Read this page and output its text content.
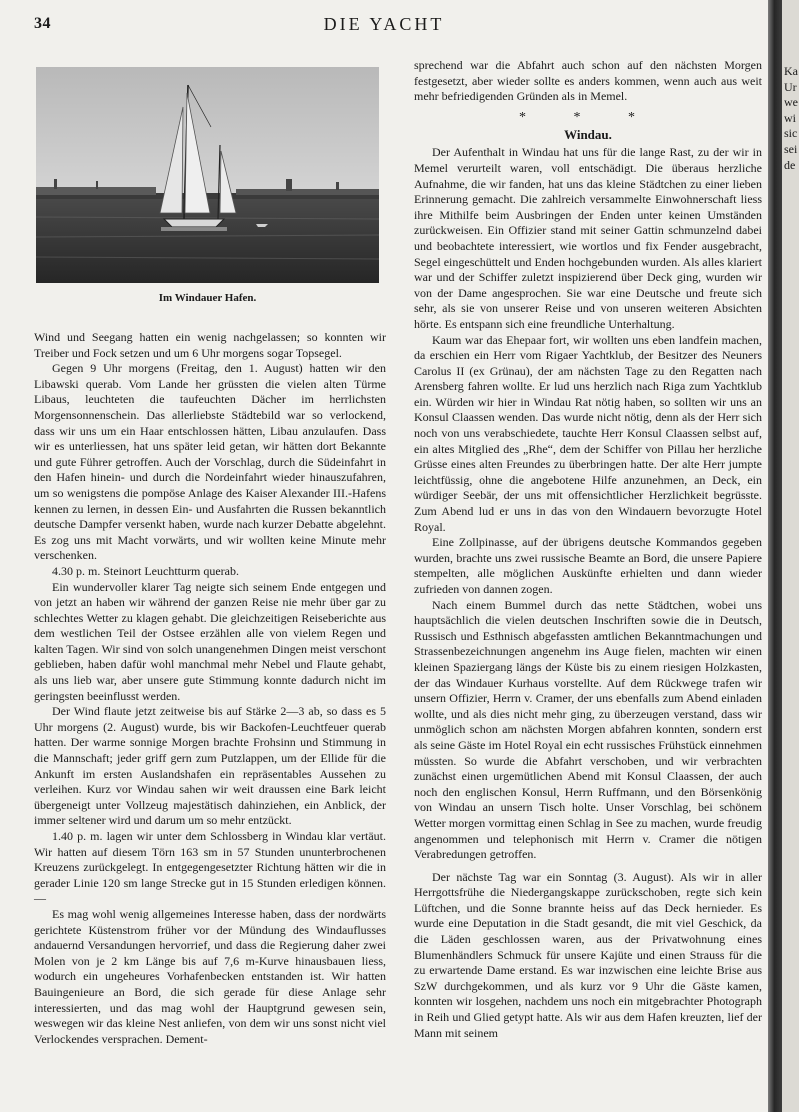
34	DIE YACHT
Im Windauer Hafen.

Wind und Seegang hatten ein wenig nachgelassen; so konnten wir Treiber und Fock setzen und um 6 Uhr morgens sogar Topsegel.

Gegen 9 Uhr morgens (Freitag, den 1. August) hatten wir den Libawski querab. Vom Lande her grüssten die vielen alten Türme Libaus, leuchteten die taufeuchten Dächer im herrlichsten Morgensonnenschein. Das allerliebste Städtebild war so verlockend, dass wir uns um ein Haar entschlossen hätten, Libau anzulaufen. Dass wir es unterliessen, hat uns später leid getan, wir hätten dort Bekannte und gute Führer getroffen. Auch der Vorschlag, durch die Südeinfahrt in den Hafen hinein- und durch die Nordeinfahrt wieder hinauszufahren, um so wenigstens die pompöse Anlage des Kaiser Alexander III.-Hafens kennen zu lernen, in dessen Ein- und Ausfahrten die Russen bekanntlich deutsche Dampfer versenkt haben, wurde nach kurzer Debatte abgelehnt. Es zog uns mit Macht vorwärts, und wir wollten keine Minute mehr verschenken.

4.30 p. m. Steinort Leuchtturm querab.

Ein wundervoller klarer Tag neigte sich seinem Ende entgegen und von jetzt an haben wir während der ganzen Reise nie mehr über gar zu schlechtes Wetter zu klagen gehabt. Die gleichzeitigen Reiseberichte aus dem westlichen Teil der Ostsee erzählen alle von vielem Regen und kalten Tagen. Wir sind von solch unangenehmen Dingen meist verschont geblieben, haben dafür wohl manchmal mehr Nebel und Flaute gehabt, als uns lieb war, aber unsere gute Stimmung konnte dadurch nicht im geringsten beeinflusst werden.

Der Wind flaute jetzt zeitweise bis auf Stärke 2—3 ab, so dass es 5 Uhr morgens (2. August) wurde, bis wir Backofen-Leuchtfeuer querab hatten. Der warme sonnige Morgen brachte Frohsinn und Stimmung in die Mannschaft; jeder griff gern zum Putzlappen, um der Ellide für die Ankunft im ersten Auslandshafen ein repräsentables Aussehen zu verleihen. Kurz vor Windau sahen wir weit draussen eine Bark leicht übergeneigt unter Vollzeug majestätisch dahinziehen, ein Anblick, der immer seltener wird und darum um so mehr entzückt.

1.40 p. m. lagen wir unter dem Schlossberg in Windau klar vertäut. Wir hatten auf diesem Törn 163 sm in 57 Stunden ununterbrochenen Kreuzens zurückgelegt. In entgegengesetzter Richtung hätten wir die in gerader Linie 120 sm lange Strecke gut in 15 Stunden erledigen können. —

Es mag wohl wenig allgemeines Interesse haben, dass der nordwärts gerichtete Küstenstrom früher vor der Mündung des Windauflusses andauernd Versandungen hervorrief, und dass die Regierung daher zwei Molen von je 2 km Länge bis auf 7,6 m-Kurve hinausbauen liess, wodurch ein ungeheures Vorhafenbecken entstanden ist. Wir hatten Bauingenieure an Bord, die sich gerade für diese Anlage sehr interessierten, und das mag wohl der Hauptgrund gewesen sein, weswegen wir das kleine Nest anliefen, von dem wir uns sonst nicht viel Verlockendes versprachen. Dement-

sprechend war die Abfahrt auch schon auf den nächsten Morgen festgesetzt, aber wieder sollte es anders kommen, wenn auch aus weit mehr befriedigenden Gründen als in Memel.

* * *
Windau.

Der Aufenthalt in Windau hat uns für die lange Rast, zu der wir in Memel verurteilt waren, voll entschädigt. Die überaus herzliche Aufnahme, die wir fanden, hat uns das kleine Städtchen zu einer lieben Erinnerung gemacht. Die zahlreich versammelte Einwohnerschaft liess ihre Mithilfe beim Ausbringen der Enden unter keinen Umständen zurückweisen. Ein Offizier stand mit seiner Gattin schmunzelnd dabei und beobachtete interessiert, wie wortlos und fix Fender ausgebracht, Segel eingeschüttelt und Enden hochgebunden wurden. Als alles klariert war und der Schiffer zuletzt inspizierend über Deck ging, wurden wir von der Dame angesprochen. Sie war eine Deutsche und freute sich sehr, als sie von unserer Reise und von unseren weiteren Absichten hörte. Es entspann sich eine freundliche Unterhaltung.

Kaum war das Ehepaar fort, wir wollten uns eben landfein machen, da erschien ein Herr vom Rigaer Yachtklub, der Besitzer des Neuners Carolus II (ex Grünau), der am nächsten Tage zu den Regatten nach Arensberg fahren wollte. Er lud uns herzlich nach Riga zum Yachtklub ein. Würden wir hier in Windau Rat nötig haben, so sollten wir uns an Konsul Claassen wenden. Das wurde nicht nötig, denn als der Herr sich noch von uns verabschiedete, tauchte Herr Konsul Claassen selbst auf, ein altes Mitglied des „Rhe“, dem der Schiffer von Pillau her herzliche Grüsse eines alten Freundes zu überbringen hatte. Der alte Herr jumpte leichtfüssig, ohne die angebotene Hilfe anzunehmen, an Deck, ein würdiger Seebär, der uns mit offensichtlicher Herzlichkeit begrüsste. Zum Abend lud er uns in das von den Windauern bevorzugte Hotel Royal.

Eine Zollpinasse, auf der übrigens deutsche Kommandos gegeben wurden, brachte uns zwei russische Beamte an Bord, die unsere Papiere stempelten, alle möglichen Auskünfte erhielten und dann wieder zufrieden von dannen zogen.

Nach einem Bummel durch das nette Städtchen, wobei uns hauptsächlich die vielen deutschen Inschriften sowie die in Deutsch, Russisch und Esthnisch abgefassten amtlichen Bekanntmachungen und Strassenbezeichnungen angenehm ins Auge fielen, machten wir einen kleinen Spaziergang längs der Küste bis zu einem riesigen Holzkasten, der das Windauer Kurhaus vorstellte. Auf dem Rückwege trafen wir unsern Offizier, Herrn v. Cramer, der uns ebenfalls zum Abend einladen wollte, und als dies nicht mehr ging, zu überzeugen verstand, dass wir unmöglich schon am nächsten Morgen abfahren konnten, sondern erst als seine Gäste im Hotel Royal ein echt russisches Frühstück einnehmen müssten. So wurde die Abfahrt verschoben, und wir verbrachten zunächst einen urgemütlichen Abend mit Konsul Claassen, der auch noch den englischen Konsul, Herrn Ruffmann, und den Börsenkönig von Windau an unsern Tisch holte. Unser Vorschlag, bei schönem Wetter morgen vormittag einen Schlag in See zu machen, wurde freudig angenommen und telephonisch mit Herrn v. Cramer die nötigen Verabredungen getroffen.

Der nächste Tag war ein Sonntag (3. August). Als wir in aller Herrgottsfrühe die Niedergangskappe zurückschoben, regte sich kein Lüftchen, und die Sonne brannte heiss auf das Deck hernieder. Es wurde eine Deputation in die Stadt gesandt, die mit viel Geschick, da die Läden geschlossen waren, aus der Privatwohnung eines Blumenhändlers Schmuck für unsere Kajüte und einen Strauss für die zu erwartende Dame erstand. Es war inzwischen eine leichte Brise aus SzW durchgekommen, und als kurz vor 9 Uhr die Gäste kamen, konnten wir losgehen, nachdem uns noch ein mitgebrachter Photograph in Reih und Glied getypt hatte. Als wir aus dem Hafen kreuzten, lief der Mann mit seinem

Ka
Ur
we
wi
sic
sei
de
